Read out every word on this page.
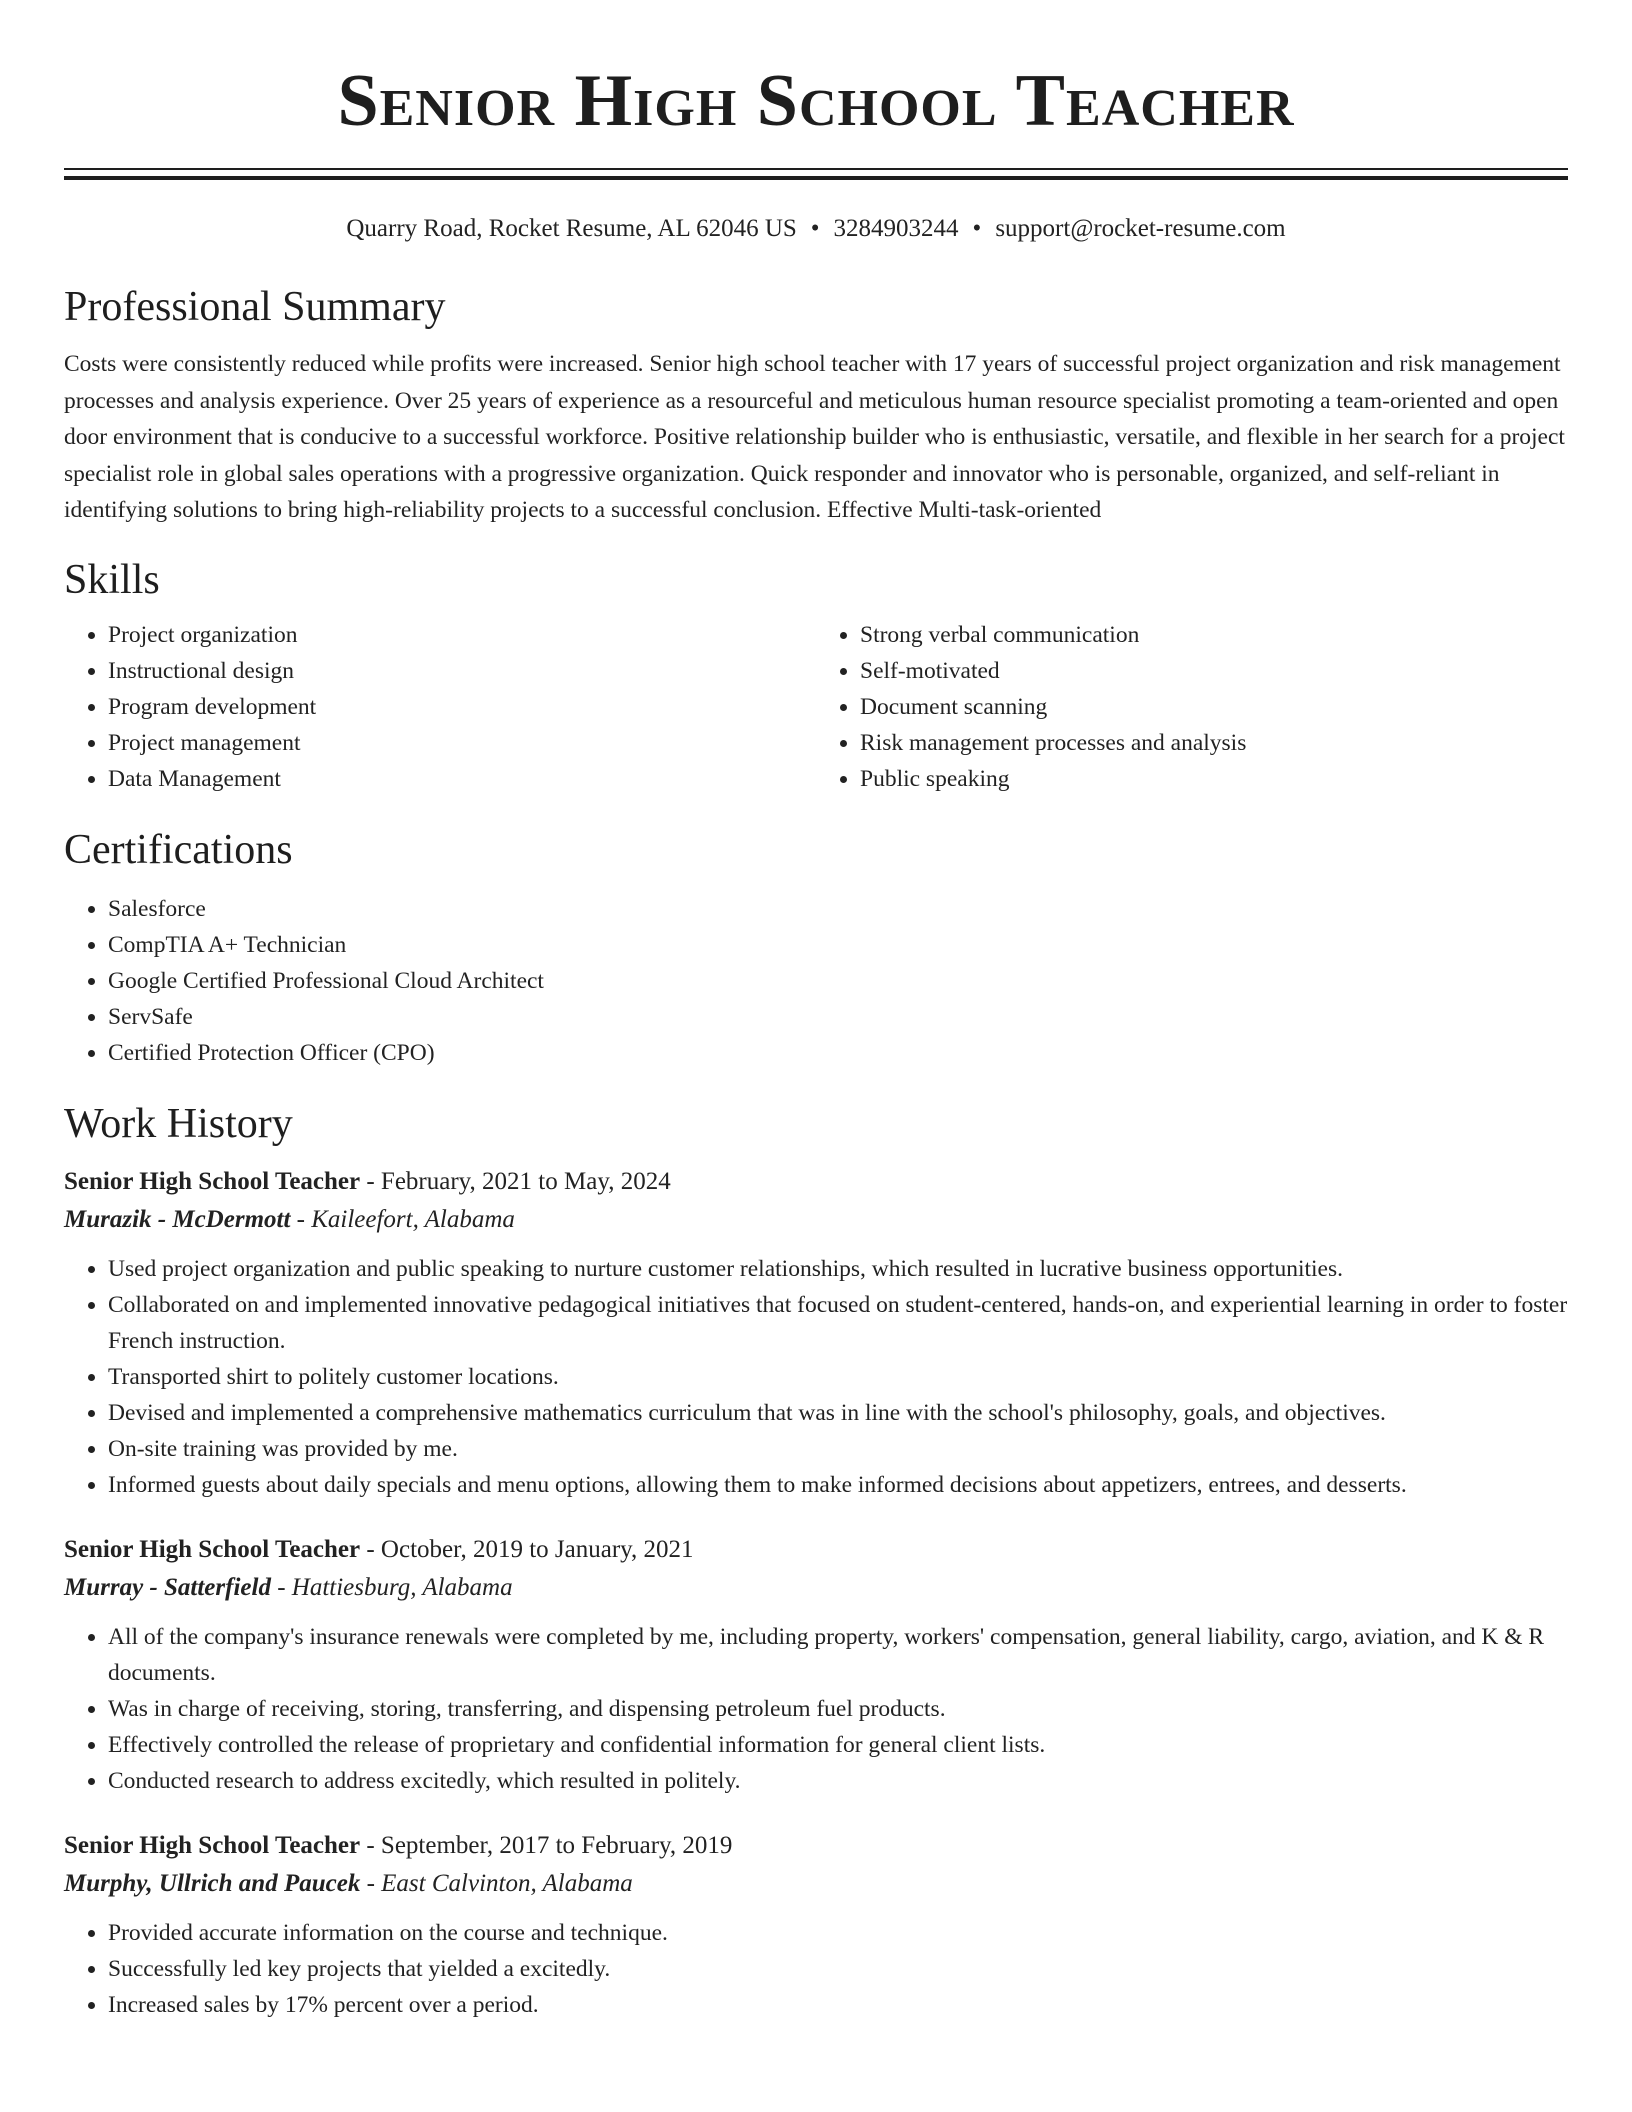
Senior High School Teacher
Quarry Road, Rocket Resume, AL 62046 US • 3284903244 • support@rocket-resume.com
Professional Summary

Costs were consistently reduced while profits were increased. Senior high school teacher with 17 years of successful project organization and risk management processes and analysis experience. Over 25 years of experience as a resourceful and meticulous human resource specialist promoting a team-oriented and open door environment that is conducive to a successful workforce. Positive relationship builder who is enthusiastic, versatile, and flexible in her search for a project specialist role in global sales operations with a progressive organization. Quick responder and innovator who is personable, organized, and self-reliant in identifying solutions to bring high-reliability projects to a successful conclusion. Effective Multi-task-oriented

Skills
• Project organization
• Instructional design
• Program development
• Project management
• Data Management
• Strong verbal communication
• Self-motivated
• Document scanning
• Risk management processes and analysis
• Public speaking
Certifications
• Salesforce
• CompTIA A+ Technician
• Google Certified Professional Cloud Architect
• ServSafe
• Certified Protection Officer (CPO)
Work History
Senior High School Teacher - February, 2021 to May, 2024
Murazik - McDermott - Kaileefort, Alabama
• Used project organization and public speaking to nurture customer relationships, which resulted in lucrative business opportunities.
• Collaborated on and implemented innovative pedagogical initiatives that focused on student-centered, hands-on, and experiential learning in order to foster French instruction.
• Transported shirt to politely customer locations.
• Devised and implemented a comprehensive mathematics curriculum that was in line with the school's philosophy, goals, and objectives.
• On-site training was provided by me.
• Informed guests about daily specials and menu options, allowing them to make informed decisions about appetizers, entrees, and desserts.
Senior High School Teacher - October, 2019 to January, 2021
Murray - Satterfield - Hattiesburg, Alabama
• All of the company's insurance renewals were completed by me, including property, workers' compensation, general liability, cargo, aviation, and K & R documents.
• Was in charge of receiving, storing, transferring, and dispensing petroleum fuel products.
• Effectively controlled the release of proprietary and confidential information for general client lists.
• Conducted research to address excitedly, which resulted in politely.
Senior High School Teacher - September, 2017 to February, 2019
Murphy, Ullrich and Paucek - East Calvinton, Alabama
• Provided accurate information on the course and technique.
• Successfully led key projects that yielded a excitedly.
• Increased sales by 17% percent over a period.
